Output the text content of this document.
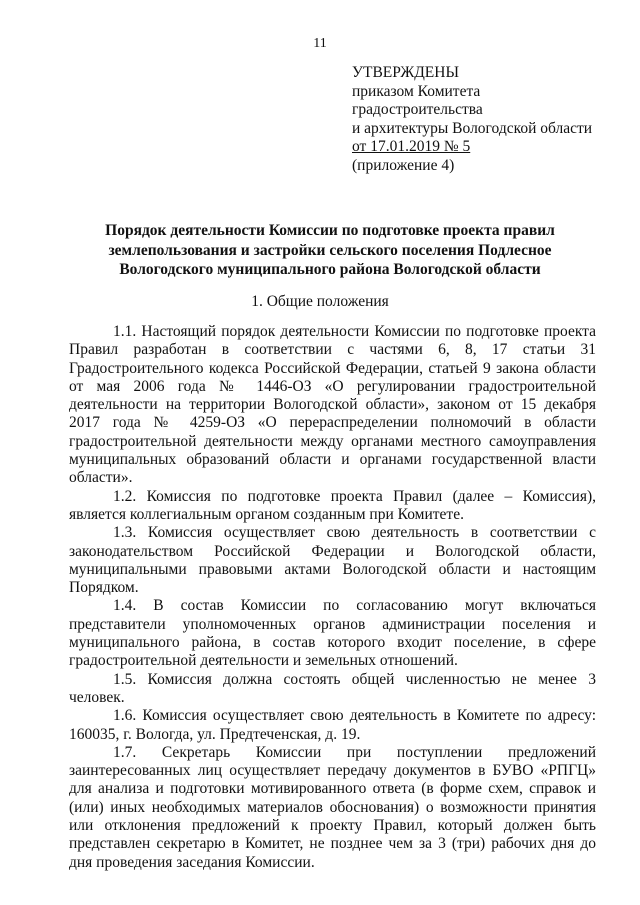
11
УТВЕРЖДЕНЫ
приказом Комитета
градостроительства
и архитектуры Вологодской области
от 17.01.2019 № 5
(приложение 4)
Порядок деятельности Комиссии по подготовке проекта правил землепользования и застройки сельского поселения Подлесное Вологодского муниципального района Вологодской области
1. Общие положения

1.1. Настоящий порядок деятельности Комиссии по подготовке проекта Правил разработан в соответствии с частями 6, 8, 17 статьи 31 Градостроительного кодекса Российской Федерации, статьей 9 закона области от мая 2006 года № 1446-ОЗ «О регулировании градостроительной деятельности на территории Вологодской области», законом от 15 декабря 2017 года № 4259-ОЗ «О перераспределении полномочий в области градостроительной деятельности между органами местного самоуправления муниципальных образований области и органами государственной власти области».

1.2. Комиссия по подготовке проекта Правил (далее – Комиссия), является коллегиальным органом созданным при Комитете.

1.3. Комиссия осуществляет свою деятельность в соответствии с законодательством Российской Федерации и Вологодской области, муниципальными правовыми актами Вологодской области и настоящим Порядком.

1.4. В состав Комиссии по согласованию могут включаться представители уполномоченных органов администрации поселения и муниципального района, в состав которого входит поселение, в сфере градостроительной деятельности и земельных отношений.

1.5. Комиссия должна состоять общей численностью не менее 3 человек.

1.6. Комиссия осуществляет свою деятельность в Комитете по адресу: 160035, г. Вологда, ул. Предтеченская, д. 19.

1.7. Секретарь Комиссии при поступлении предложений заинтересованных лиц осуществляет передачу документов в БУВО «РПГЦ» для анализа и подготовки мотивированного ответа (в форме схем, справок и (или) иных необходимых материалов обоснования) о возможности принятия или отклонения предложений к проекту Правил, который должен быть представлен секретарю в Комитет, не позднее чем за 3 (три) рабочих дня до дня проведения заседания Комиссии.
